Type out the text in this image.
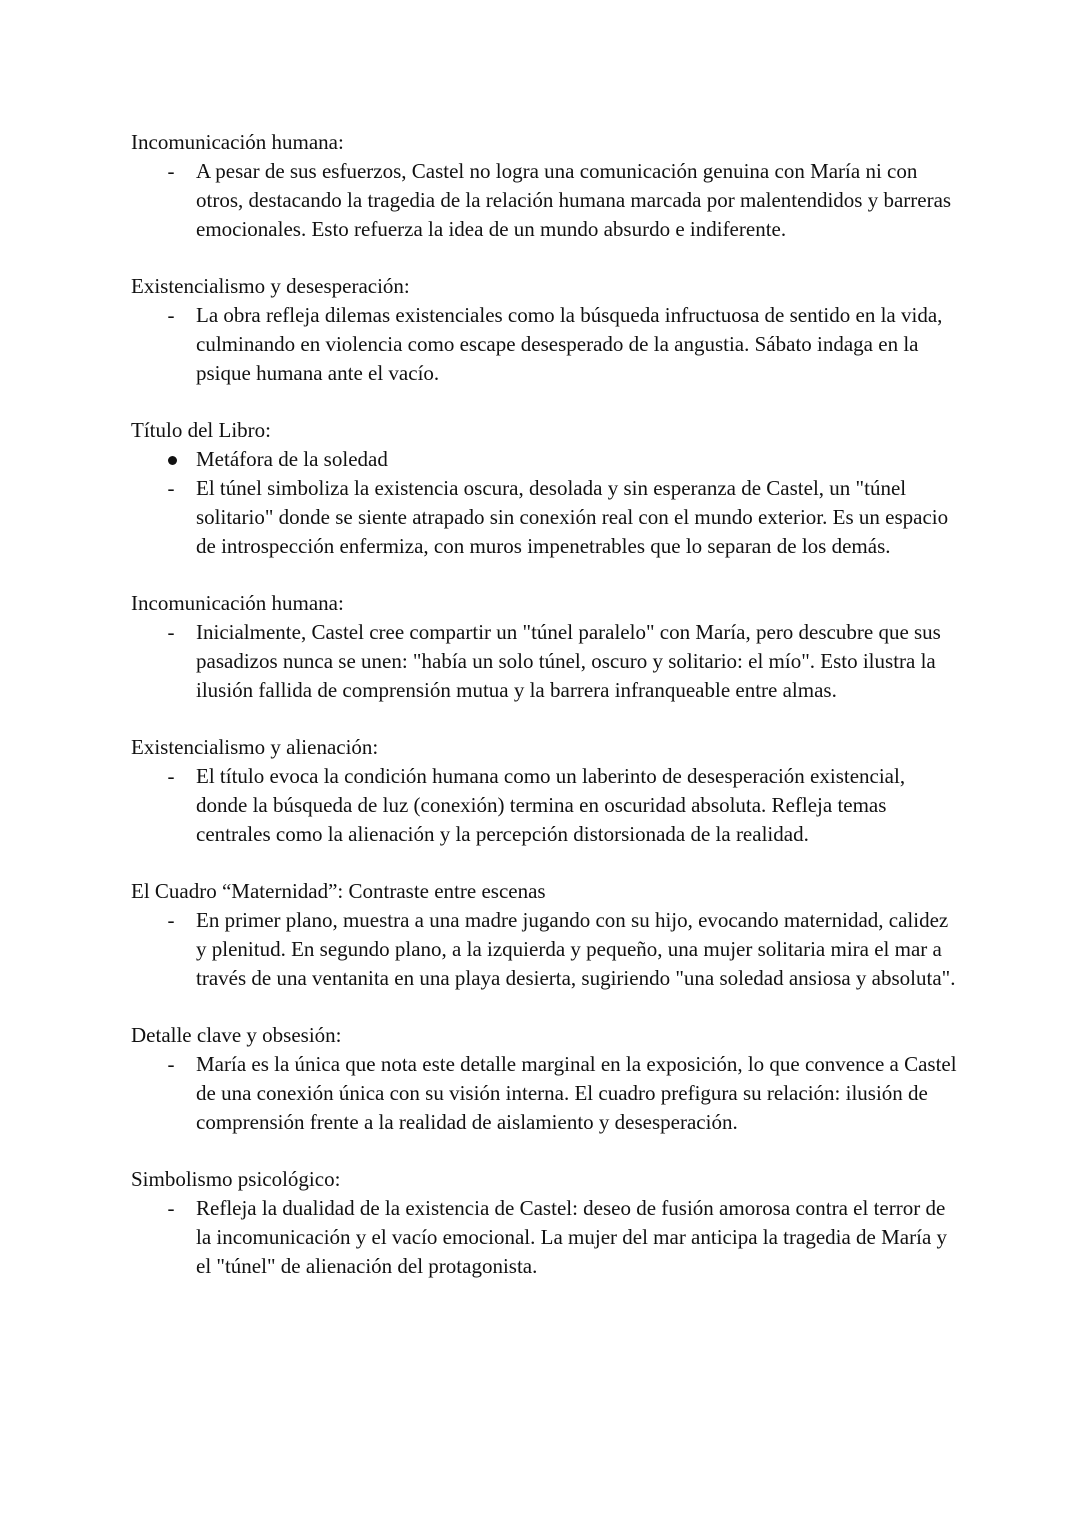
Incomunicación humana:
- A pesar de sus esfuerzos, Castel no logra una comunicación genuina con María ni con otros, destacando la tragedia de la relación humana marcada por malentendidos y barreras emocionales. Esto refuerza la idea de un mundo absurdo e indiferente.
Existencialismo y desesperación:
- La obra refleja dilemas existenciales como la búsqueda infructuosa de sentido en la vida, culminando en violencia como escape desesperado de la angustia. Sábato indaga en la psique humana ante el vacío.
Título del Libro:
Metáfora de la soledad
- El túnel simboliza la existencia oscura, desolada y sin esperanza de Castel, un "túnel solitario" donde se siente atrapado sin conexión real con el mundo exterior. Es un espacio de introspección enfermiza, con muros impenetrables que lo separan de los demás.
Incomunicación humana:
- Inicialmente, Castel cree compartir un "túnel paralelo" con María, pero descubre que sus pasadizos nunca se unen: "había un solo túnel, oscuro y solitario: el mío". Esto ilustra la ilusión fallida de comprensión mutua y la barrera infranqueable entre almas.
Existencialismo y alienación:
- El título evoca la condición humana como un laberinto de desesperación existencial, donde la búsqueda de luz (conexión) termina en oscuridad absoluta. Refleja temas centrales como la alienación y la percepción distorsionada de la realidad.
El Cuadro “Maternidad”: Contraste entre escenas
- En primer plano, muestra a una madre jugando con su hijo, evocando maternidad, calidez y plenitud. En segundo plano, a la izquierda y pequeño, una mujer solitaria mira el mar a través de una ventanita en una playa desierta, sugiriendo "una soledad ansiosa y absoluta".
Detalle clave y obsesión:
- María es la única que nota este detalle marginal en la exposición, lo que convence a Castel de una conexión única con su visión interna. El cuadro prefigura su relación: ilusión de comprensión frente a la realidad de aislamiento y desesperación.
Simbolismo psicológico:
- Refleja la dualidad de la existencia de Castel: deseo de fusión amorosa contra el terror de la incomunicación y el vacío emocional. La mujer del mar anticipa la tragedia de María y el "túnel" de alienación del protagonista.
